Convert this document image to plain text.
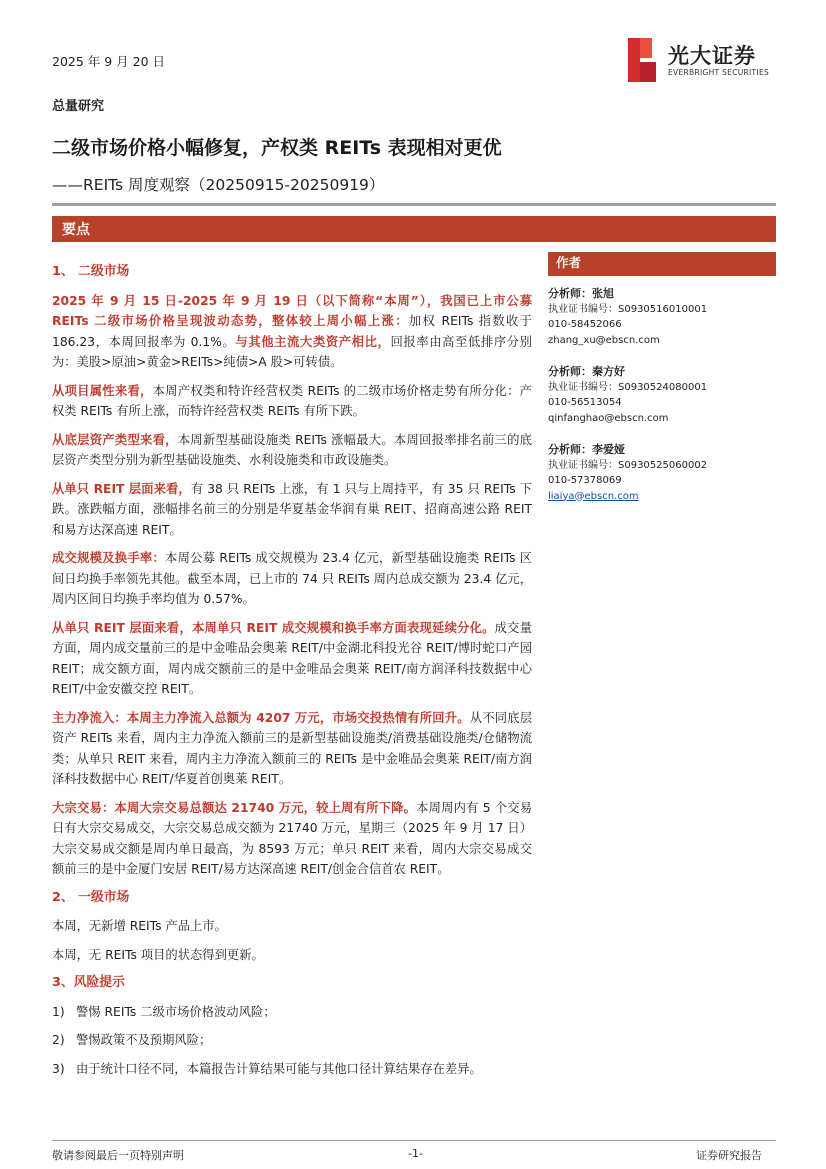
2025 年 9 月 20 日	光大证券
EVERBRIGHT SECURITIES
总量研究
二级市场价格小幅修复，产权类 REITs 表现相对更优
——REITs 周度观察（20250915-20250919）
要点
1、 二级市场

2025 年 9 月 15 日-2025 年 9 月 19 日（以下简称“本周”），我国已上市公募 REITs 二级市场价格呈现波动态势，整体较上周小幅上涨：加权 REITs 指数收于 186.23，本周回报率为 0.1%。与其他主流大类资产相比，回报率由高至低排序分别为：美股>原油>黄金>REITs>纯债>A 股>可转债。

从项目属性来看，本周产权类和特许经营权类 REITs 的二级市场价格走势有所分化：产权类 REITs 有所上涨，而特许经营权类 REITs 有所下跌。

从底层资产类型来看，本周新型基础设施类 REITs 涨幅最大。本周回报率排名前三的底层资产类型分别为新型基础设施类、水利设施类和市政设施类。

从单只 REIT 层面来看，有 38 只 REITs 上涨，有 1 只与上周持平，有 35 只 REITs 下跌。涨跌幅方面，涨幅排名前三的分别是华夏基金华润有巢 REIT、招商高速公路 REIT 和易方达深高速 REIT。

成交规模及换手率：本周公募 REITs 成交规模为 23.4 亿元，新型基础设施类 REITs 区间日均换手率领先其他。截至本周，已上市的 74 只 REITs 周内总成交额为 23.4 亿元，周内区间日均换手率均值为 0.57%。

从单只 REIT 层面来看，本周单只 REIT 成交规模和换手率方面表现延续分化。成交量方面，周内成交量前三的是中金唯品会奥莱 REIT/中金湖北科投光谷 REIT/博时蛇口产园 REIT；成交额方面，周内成交额前三的是中金唯品会奥莱 REIT/南方润泽科技数据中心 REIT/中金安徽交控 REIT。

主力净流入：本周主力净流入总额为 4207 万元，市场交投热情有所回升。从不同底层资产 REITs 来看，周内主力净流入额前三的是新型基础设施类/消费基础设施类/仓储物流类；从单只 REIT 来看，周内主力净流入额前三的 REITs 是中金唯品会奥莱 REIT/南方润泽科技数据中心 REIT/华夏首创奥莱 REIT。

大宗交易：本周大宗交易总额达 21740 万元，较上周有所下降。本周周内有 5 个交易日有大宗交易成交，大宗交易总成交额为 21740 万元，星期三（2025 年 9 月 17 日）大宗交易成交额是周内单日最高，为 8593 万元；单只 REIT 来看，周内大宗交易成交额前三的是中金厦门安居 REIT/易方达深高速 REIT/创金合信首农 REIT。

2、 一级市场

本周，无新增 REITs 产品上市。

本周，无 REITs 项目的状态得到更新。

3、风险提示
1) 警惕 REITs 二级市场价格波动风险；
2) 警惕政策不及预期风险；
3) 由于统计口径不同，本篇报告计算结果可能与其他口径计算结果存在差异。
作者
分析师：张旭
执业证书编号：S0930516010001
010-58452066
zhang_xu@ebscn.com
分析师：秦方好
执业证书编号：S0930524080001
010-56513054
qinfanghao@ebscn.com
分析师：李爱娅
执业证书编号：S0930525060002
010-57378069
liaiya@ebscn.com
敬请参阅最后一页特别声明	-1-	证券研究报告
